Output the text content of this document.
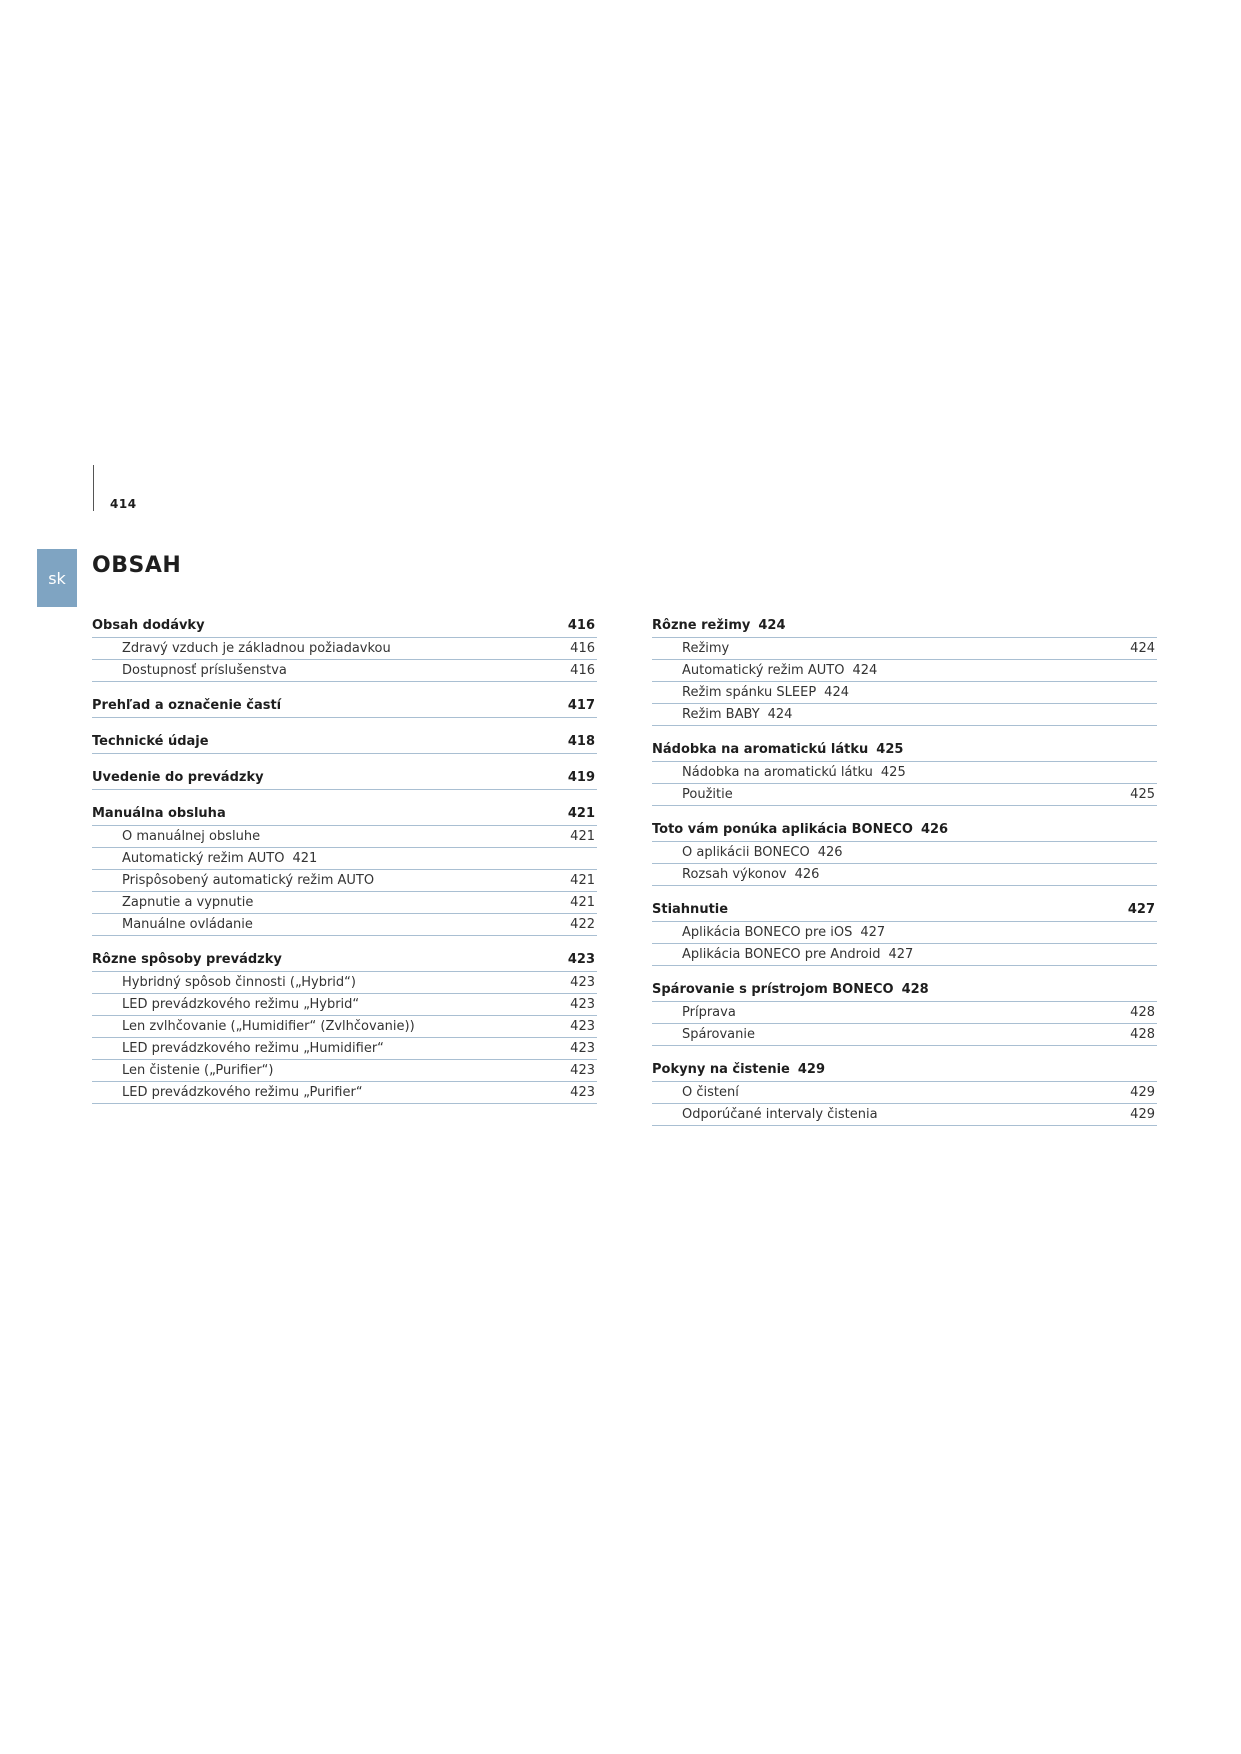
414
sk	OBSAH
Obsah dodávky	416
Zdravý vzduch je základnou požiadavkou	416
Dostupnosť príslušenstva	416
Prehľad a označenie častí	417
Technické údaje	418
Uvedenie do prevádzky	419
Manuálna obsluha	421
O manuálnej obsluhe	421
Automatický režim AUTO 421
Prispôsobený automatický režim AUTO	421
Zapnutie a vypnutie	421
Manuálne ovládanie	422
Rôzne spôsoby prevádzky	423
Hybridný spôsob činnosti („Hybrid“)	423
LED prevádzkového režimu „Hybrid“	423
Len zvlhčovanie („Humidifier“ (Zvlhčovanie))	423
LED prevádzkového režimu „Humidifier“	423
Len čistenie („Purifier“)	423
LED prevádzkového režimu „Purifier“	423
Rôzne režimy 424
Režimy	424
Automatický režim AUTO 424
Režim spánku SLEEP 424
Režim BABY 424
Nádobka na aromatickú látku 425
Nádobka na aromatickú látku 425
Použitie	425
Toto vám ponúka aplikácia BONECO 426
O aplikácii BONECO 426
Rozsah výkonov 426
Stiahnutie	427
Aplikácia BONECO pre iOS 427
Aplikácia BONECO pre Android 427
Spárovanie s prístrojom BONECO 428
Príprava	428
Spárovanie	428
Pokyny na čistenie 429
O čistení	429
Odporúčané intervaly čistenia	429
